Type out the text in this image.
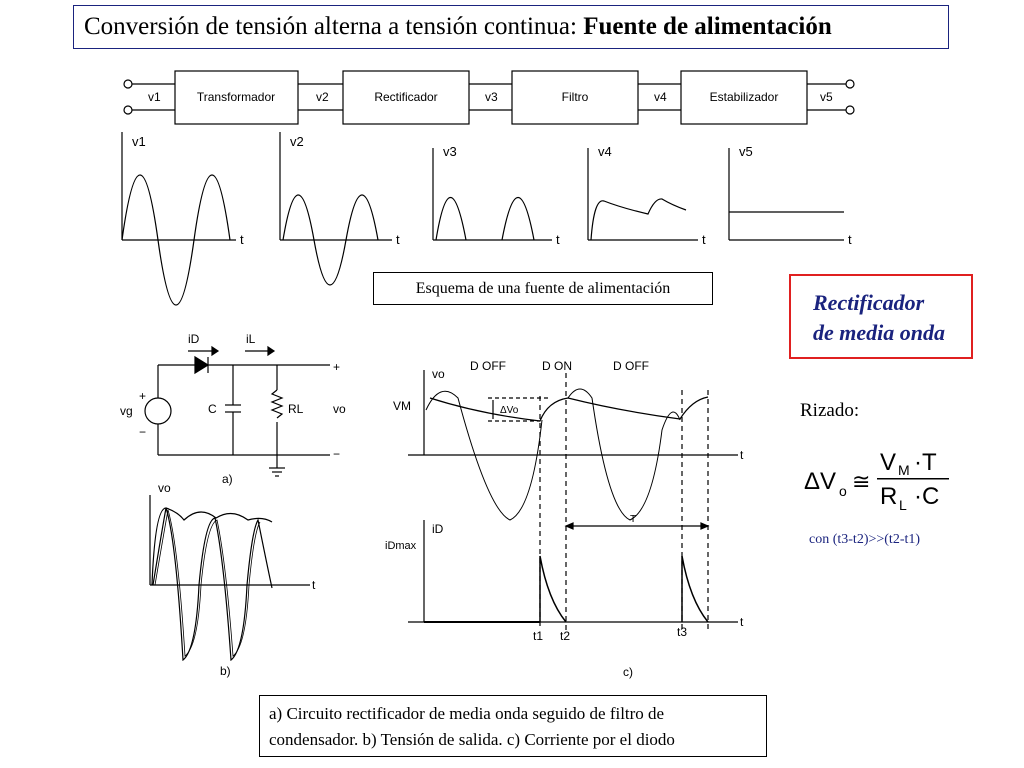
Conversión de tensión alterna a tensión continua: Fuente de alimentación
Transformador	Rectificador	Filtro	Estabilizador
v1	v2	v3	v4	v5
v1	v2
v3	v4	v5
t	t	t	t	t
iD	iL
vg
+
−
C	RL
+
vo
−
a)
vo
t
b)
vo
VM	ΔVo
t
t
iD
iDmax
T
D OFF	D ON	D OFF
t1 t2	t3
c)
ΔV o ≅
V M ·T
R L ·C
Esquema de una fuente de alimentación
Rectificador
de media onda
Rizado:
con (t3-t2)>>(t2-t1)
a) Circuito rectificador de media onda seguido de filtro de
condensador. b) Tensión de salida. c) Corriente por el diodo
